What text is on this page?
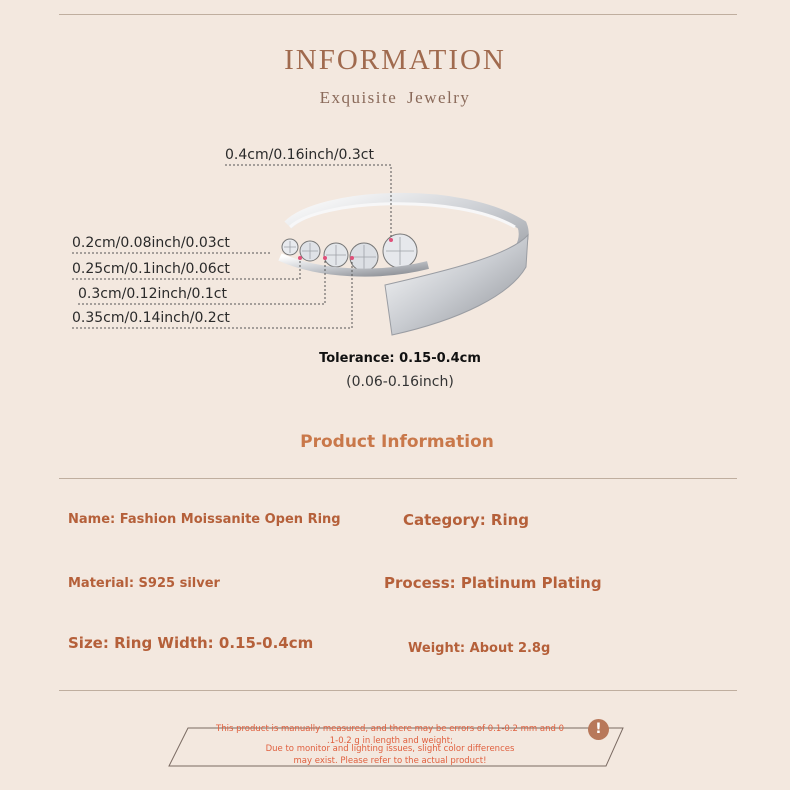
INFORMATION
Exquisite Jewelry
0.4cm/0.16inch/0.3ct
0.2cm/0.08inch/0.03ct
0.25cm/0.1inch/0.06ct
0.3cm/0.12inch/0.1ct
0.35cm/0.14inch/0.2ct
Tolerance: 0.15-0.4cm
(0.06-0.16inch)
Product Information
Name: Fashion Moissanite Open Ring	Category: Ring
Material: S925 silver	Process: Platinum Plating
Size: Ring Width: 0.15-0.4cm	Weight: About 2.8g
This product is manually measured, and there may be errors of 0.1-0.2 mm and 0
.1-0.2 g in length and weight;
Due to monitor and lighting issues, slight color differences
may exist. Please refer to the actual product!
!
